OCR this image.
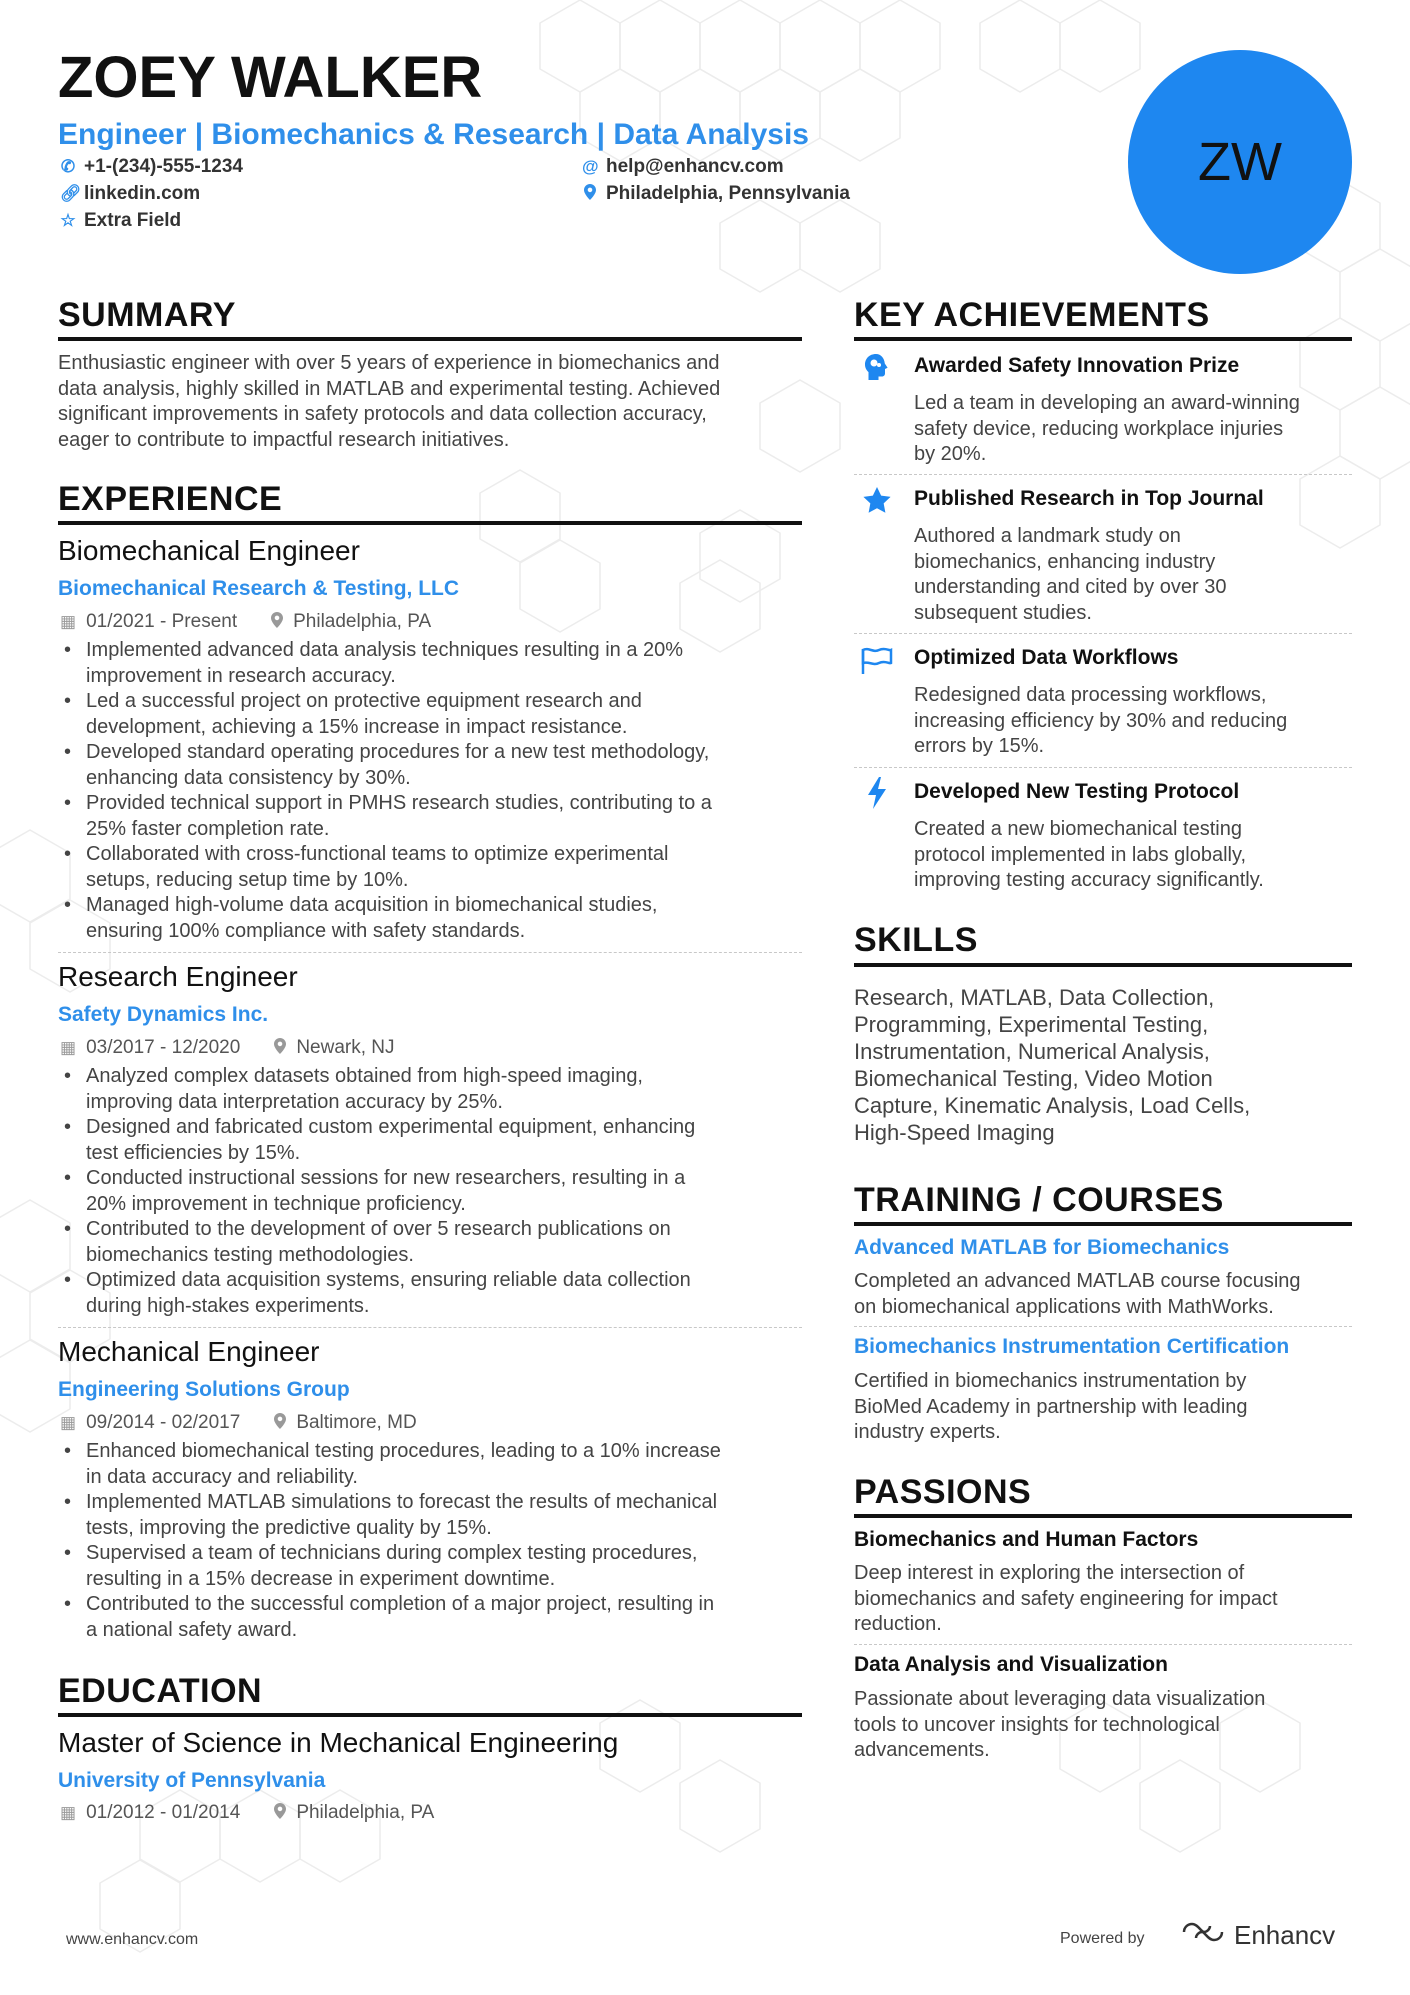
ZOEY WALKER
Engineer | Biomechanics & Research | Data Analysis
✆ +1-(234)-555-1234	@ help@enhancv.com
🔗︎ linkedin.com	Philadelphia, Pennsylvania
☆ Extra Field
ZW
SUMMARY
Enthusiastic engineer with over 5 years of experience in biomechanics and
data analysis, highly skilled in MATLAB and experimental testing. Achieved
significant improvements in safety protocols and data collection accuracy,
eager to contribute to impactful research initiatives.
EXPERIENCE
Biomechanical Engineer
Biomechanical Research & Testing, LLC
▦ 01/2021 - Present	Philadelphia, PA
• Implemented advanced data analysis techniques resulting in a 20%
improvement in research accuracy.
• Led a successful project on protective equipment research and
development, achieving a 15% increase in impact resistance.
• Developed standard operating procedures for a new test methodology,
enhancing data consistency by 30%.
• Provided technical support in PMHS research studies, contributing to a
25% faster completion rate.
• Collaborated with cross-functional teams to optimize experimental
setups, reducing setup time by 10%.
• Managed high-volume data acquisition in biomechanical studies,
ensuring 100% compliance with safety standards.
Research Engineer
Safety Dynamics Inc.
▦ 03/2017 - 12/2020	Newark, NJ
• Analyzed complex datasets obtained from high-speed imaging,
improving data interpretation accuracy by 25%.
• Designed and fabricated custom experimental equipment, enhancing
test efficiencies by 15%.
• Conducted instructional sessions for new researchers, resulting in a
20% improvement in technique proficiency.
• Contributed to the development of over 5 research publications on
biomechanics testing methodologies.
• Optimized data acquisition systems, ensuring reliable data collection
during high-stakes experiments.
Mechanical Engineer
Engineering Solutions Group
▦ 09/2014 - 02/2017	Baltimore, MD
• Enhanced biomechanical testing procedures, leading to a 10% increase
in data accuracy and reliability.
• Implemented MATLAB simulations to forecast the results of mechanical
tests, improving the predictive quality by 15%.
• Supervised a team of technicians during complex testing procedures,
resulting in a 15% decrease in experiment downtime.
• Contributed to the successful completion of a major project, resulting in
a national safety award.
EDUCATION
Master of Science in Mechanical Engineering
University of Pennsylvania
▦ 01/2012 - 01/2014	Philadelphia, PA
KEY ACHIEVEMENTS
Awarded Safety Innovation Prize
Led a team in developing an award-winning
safety device, reducing workplace injuries
by 20%.
Published Research in Top Journal
Authored a landmark study on
biomechanics, enhancing industry
understanding and cited by over 30
subsequent studies.
Optimized Data Workflows
Redesigned data processing workflows,
increasing efficiency by 30% and reducing
errors by 15%.
Developed New Testing Protocol
Created a new biomechanical testing
protocol implemented in labs globally,
improving testing accuracy significantly.
SKILLS
Research, MATLAB, Data Collection,
Programming, Experimental Testing,
Instrumentation, Numerical Analysis,
Biomechanical Testing, Video Motion
Capture, Kinematic Analysis, Load Cells,
High-Speed Imaging
TRAINING / COURSES
Advanced MATLAB for Biomechanics
Completed an advanced MATLAB course focusing
on biomechanical applications with MathWorks.
Biomechanics Instrumentation Certification
Certified in biomechanics instrumentation by
BioMed Academy in partnership with leading
industry experts.
PASSIONS
Biomechanics and Human Factors
Deep interest in exploring the intersection of
biomechanics and safety engineering for impact
reduction.
Data Analysis and Visualization
Passionate about leveraging data visualization
tools to uncover insights for technological
advancements.
www.enhancv.com	Powered by	Enhancv
